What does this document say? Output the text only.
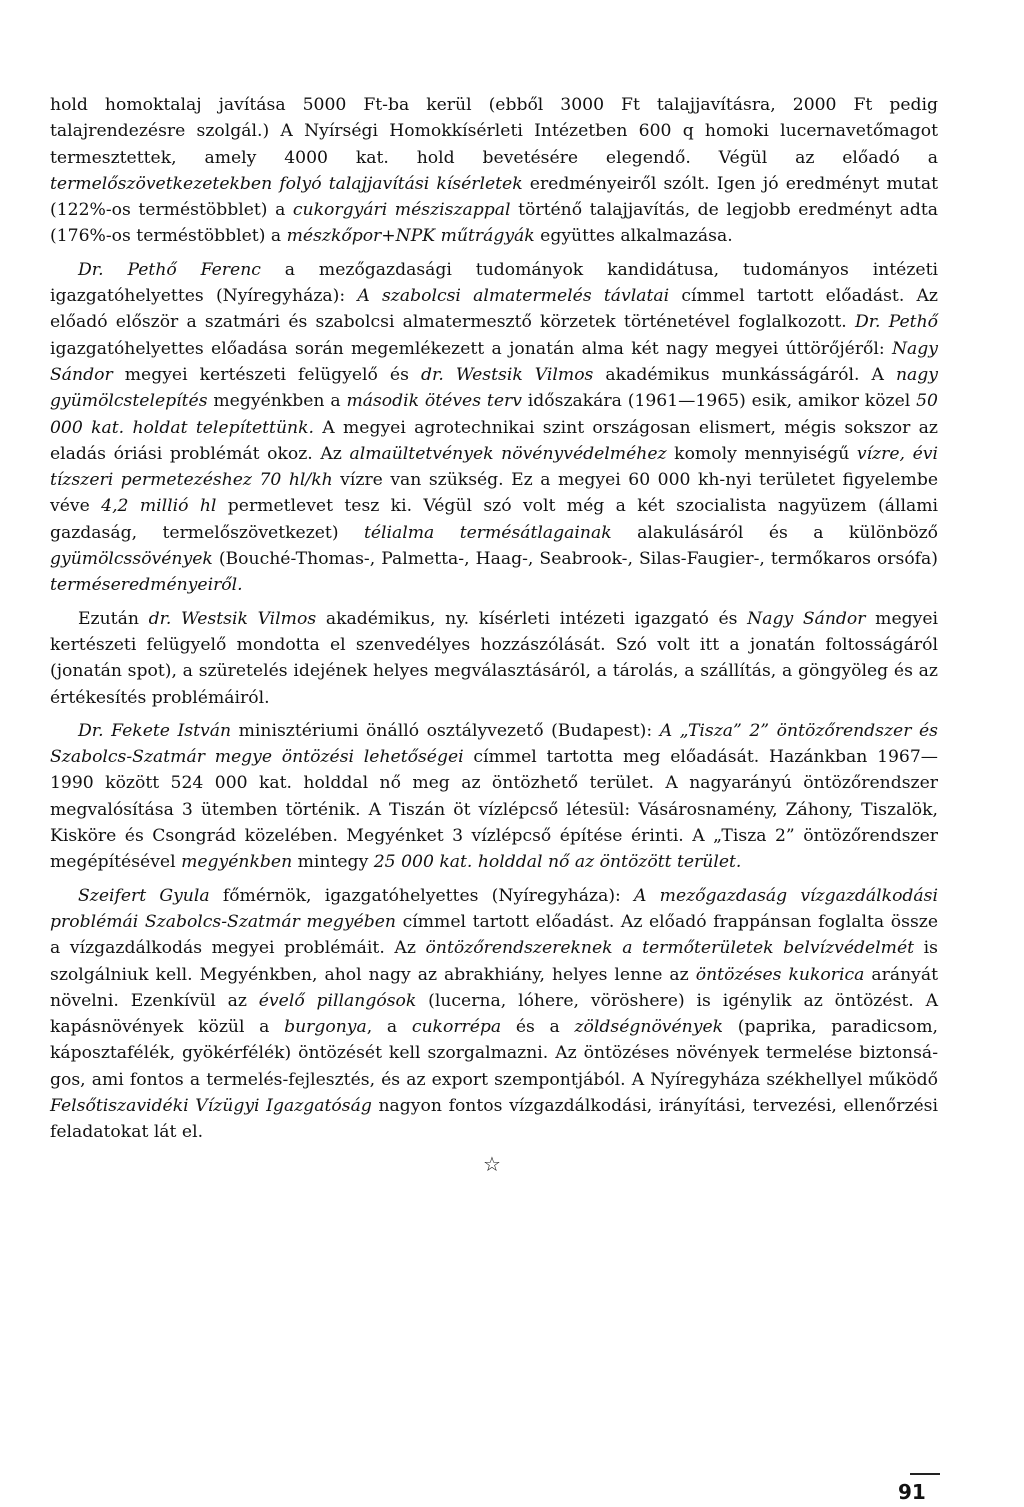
hold homoktalaj javítása 5000 Ft-ba kerül (ebből 3000 Ft talajjavításra, 2000 Ft pedig talajrendezésre szolgál.) A Nyírségi Homokkísérleti Intézetben 600 q homoki lucernavetőmagot termesztettek, amely 4000 kat. hold bevetésére elegendő. Végül az előadó a termelőszövetkezetekben folyó talajjavítási kísérletek eredményeiről szólt. Igen jó eredményt mutat (122%-os terméstöbblet) a cukorgyári mésziszappal történő talajjavítás, de legjobb eredményt adta (176%-os terméstöbblet) a mészkőpor+NPK műtrágyák együttes alkalmazása.

Dr. Pethő Ferenc a mezőgazdasági tudományok kandidátusa, tudományos intézeti igazgatóhelyettes (Nyíregyháza): A szabolcsi almatermelés távlatai címmel tartott előadást. Az előadó először a szatmári és szabolcsi almatermesztő körzetek történetével foglalkozott. Dr. Pethő igazgatóhelyettes előadása során megemlékezett a jonatán alma két nagy megyei úttörőjéről: Nagy Sándor megyei kertészeti felügyelő és dr. Westsik Vilmos akadémikus munkásságáról. A nagy gyümölcstelepítés megyénkben a második ötéves terv időszakára (1961—1965) esik, amikor közel 50 000 kat. holdat telepítettünk. A megyei agrotechnikai szint országosan elismert, mégis sokszor az eladás óriási problémát okoz. Az almaültetvények növényvédelméhez komoly mennyiségű vízre, évi tízszeri permetezéshez 70 hl/kh vízre van szükség. Ez a megyei 60 000 kh-nyi területet figyelembe véve 4,2 millió hl permetlevet tesz ki. Végül szó volt még a két szocialista nagyüzem (állami gazdaság, termelőszövetkezet) télialma termésátlagainak alakulásáról és a különböző gyümölcssövények (Bouché-Thomas-, Palmetta-, Haag-, Seabrook-, Silas-Faugier-, termőkaros orsófa) terméseredményeiről.

Ezután dr. Westsik Vilmos akadémikus, ny. kísérleti intézeti igazgató és Nagy Sándor megyei kertészeti felügyelő mondotta el szenvedélyes hozzászólását. Szó volt itt a jonatán foltosságáról (jonatán spot), a szüretelés idejének helyes megválasztásáról, a tárolás, a szállítás, a göngyöleg és az értékesítés problémáiról.

Dr. Fekete István minisztériumi önálló osztályvezető (Budapest): A „Tisza” 2” öntözőrendszer és Szabolcs-Szatmár megye öntözési lehetőségei címmel tartotta meg előadását. Hazánkban 1967—1990 között 524 000 kat. holddal nő meg az öntözhető terület. A nagyarányú öntözőrendszer megvalósítása 3 ütemben történik. A Tiszán öt vízlépcső létesül: Vásárosnamény, Záhony, Tiszalök, Kisköre és Csongrád közelében. Megyénket 3 vízlépcső építése érinti. A „Tisza 2” öntözőrendszer megépítésével megyénkben mintegy 25 000 kat. holddal nő az öntözött terület.

Szeifert Gyula főmérnök, igazgatóhelyettes (Nyíregyháza): A mezőgazdaság vízgazdálkodási problémái Szabolcs-Szatmár megyében címmel tartott előadást. Az előadó frappánsan foglalta össze a vízgazdálkodás megyei problémáit. Az öntözőrendszereknek a termőterületek belvízvédelmét is szolgálniuk kell. Megyénkben, ahol nagy az abrakhiány, helyes lenne az öntözéses kukorica arányát növelni. Ezenkívül az évelő pillangósok (lucerna, lóhere, vöröshere) is igénylik az öntözést. A kapásnövények közül a burgonya, a cukorrépa és a zöldségnövények (paprika, paradicsom, káposztafélék, gyökérfélék) öntözését kell szorgalmazni. Az öntözéses növények termelése biztonságos, ami fontos a termelés-fejlesztés, és az export szempontjából. A Nyíregyháza székhellyel működő Felsőtiszavidéki Vízügyi Igazgatóság nagyon fontos vízgazdálkodási, irányítási, tervezési, ellenőrzési feladatokat lát el.

☆
91
